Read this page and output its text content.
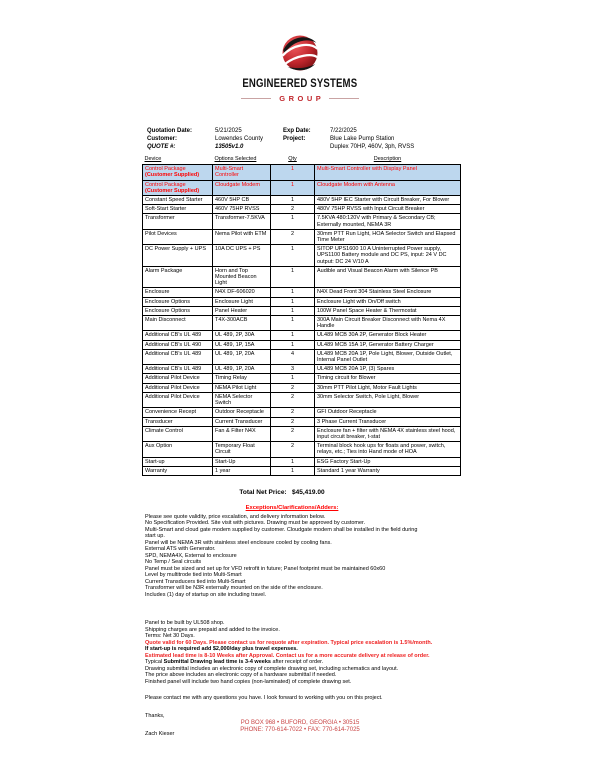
ENGINEERED SYSTEMS
GROUP
Quotation Date:	5/21/2025	Exp Date:	7/22/2025
Customer:	Lowendes County	Project:	Blue Lake Pump Station
QUOTE #:	13505v1.0	Duplex 70HP, 460V, 3ph, RVSS
Device	Options Selected	Qty	Description
Control Package
(Customer Supplied)	Multi-Smart Controller	1	Multi-Smart Controller with Display Panel
Control Package
(Customer Supplied)	Cloudgate Modem	1	Cloudgate Modem with Antenna
Constant Speed Starter	460V 5HP CB	1	480V 5HP IEC Starter with Circuit Breaker, For Blower
Soft-Start Starter	460V 75HP RVSS	2	480V 75HP RVSS with Input Circuit Breaker
Transformer	Transformer-7.5KVA	1	7.5KVA 480:120V with Primary & Secondary CB; Externally mounted, NEMA 3R
Pilot Devices	Nema Pilot with ETM	2	30mm PTT Run Light, HOA Selector Switch and Elapsed Time Meter
DC Power Supply + UPS	10A DC UPS + PS	1	SITOP UPS1600 10 A Uninterrupted Power supply, UPS1100 Battery module and DC PS, input: 24 V DC output: DC 24 V/10 A
Alarm Package	Horn and Top Mounted Beacon Light	1	Audible and Visual Beacon Alarm with Silence PB
Enclosure	N4X DF-606020	1	N4X Dead Front 304 Stainless Steel Enclosure
Enclosure Options	Enclosure Light	1	Enclosure Light with On/Off switch
Enclosure Options	Panel Heater	1	100W Panel Space Heater & Thermostat
Main Disconnect	T4X-300ACB	1	300A Main Circuit Breaker Disconnect with Nema 4X Handle
Additional CB's UL 489	UL 489, 2P, 30A	1	UL489 MCB 30A 2P, Generator Block Heater
Additional CB's UL 490	UL 489, 1P, 15A	1	UL489 MCB 15A 1P, Generator Battery Charger
Additional CB's UL 489	UL 489, 1P, 20A	4	UL489 MCB 20A 1P, Pole Light, Blower, Outside Outlet, Internal Panel Outlet
Additional CB's UL 489	UL 489, 1P, 20A	3	UL489 MCB 20A 1P, (3) Spares
Additional Pilot Device	Timing Relay	1	Timing circuit for Blower
Additional Pilot Device	NEMA Pilot Light	2	30mm PTT Pilot Light, Motor Fault Lights
Additional Pilot Device	NEMA Selector Switch	2	30mm Selector Switch, Pole Light, Blower
Convenience Recept	Outdoor Receptacle	2	GFI Outdoor Receptacle
Transducer	Current Transducer	2	3 Phase Current Transducer
Climate Control	Fan & Filter N4X	2	Enclosure fan + filter with NEMA 4X stainless steel hood, input circuit breaker, t-stat
Aux Option	Temporary Float Circuit	2	Terminal block hook ups for floats and power, switch, relays, etc.; Ties into Hand mode of HOA
Start-up	Start-Up	1	ESG Factory Start-Up
Warranty	1 year	1	Standard 1 year Warranty
Total Net Price: $45,419.00
Exceptions/Clarifications/Adders:
Please see quote validity, price escalation, and delivery information below.
No Specification Provided. Site visit with pictures. Drawing must be approved by customer.
Multi-Smart and cloud gate modem supplied by customer. Cloudgate modem shall be installed in the field during
start up.
Panel will be NEMA 3R with stainless steel enclosure cooled by cooling fans.
External ATS with Generator.
SPD, NEMA4X, External to enclosure
No Temp / Seal circuits
Panel must be sized and set up for VFD retrofit in future; Panel footprint must be maintained 60x60
Level by multitrode tied into Multi-Smart
Current Transducers tied into Multi-Smart
Transformer will be N3R externally mounted on the side of the enclosure.
Includes (1) day of startup on site including travel.
Panel to be built by UL508 shop.
Shipping charges are prepaid and added to the invoice.
Terms: Net 30 Days.
Quote valid for 60 Days. Please contact us for requote after expiration. Typical price escalation is 1.5%/month.
If start-up is required add $2,000/day plus travel expenses.
Estimated lead time is 8-10 Weeks after Approval. Contact us for a more accurate delivery at release of order.
Typical Submittal Drawing lead time is 3-4 weeks after receipt of order.
Drawing submittal includes an electronic copy of complete drawing set, including schematics and layout.
The price above includes an electronic copy of a hardware submittal if needed.
Finished panel will include two hand copies (non-laminated) of complete drawing set.
Please contact me with any questions you have. I look forward to working with you on this project.
Thanks,
Zach Kieser
PO BOX 968 • BUFORD, GEORGIA • 30515
PHONE: 770-614-7022 • FAX: 770-614-7025
